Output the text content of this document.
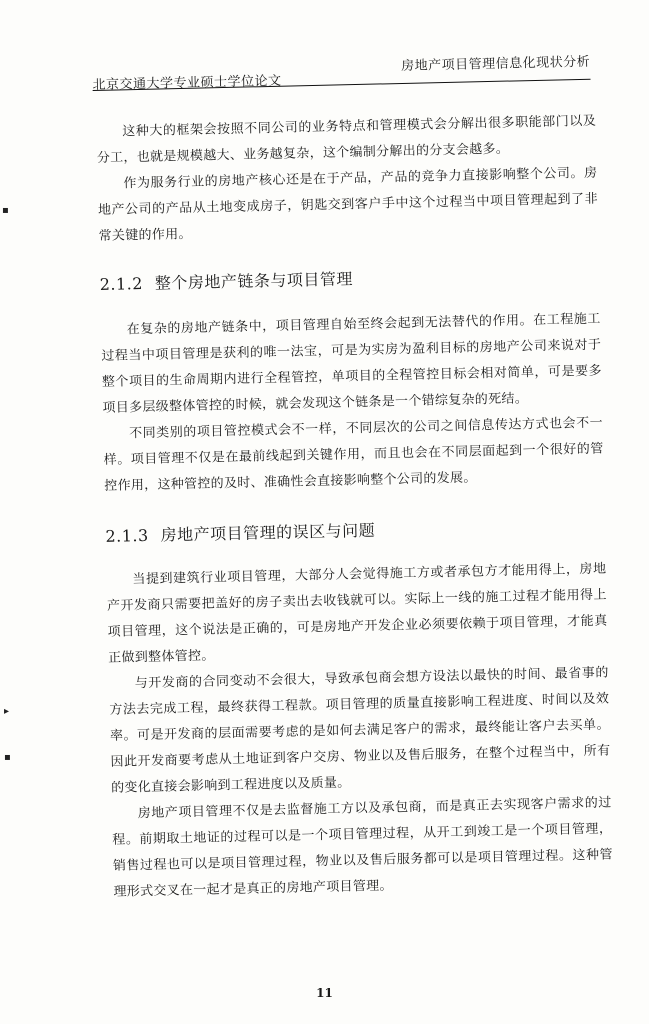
北京交通大学专业硕士学位论文
房地产项目管理信息化现状分析

这种大的框架会按照不同公司的业务特点和管理模式会分解出很多职能部门以及分工，也就是规模越大、业务越复杂，这个编制分解出的分支会越多。

作为服务行业的房地产核心还是在于产品，产品的竞争力直接影响整个公司。房地产公司的产品从土地变成房子，钥匙交到客户手中这个过程当中项目管理起到了非常关键的作用。

2.1.2 整个房地产链条与项目管理

在复杂的房地产链条中，项目管理自始至终会起到无法替代的作用。在工程施工过程当中项目管理是获利的唯一法宝，可是为实房为盈利目标的房地产公司来说对于整个项目的生命周期内进行全程管控，单项目的全程管控目标会相对简单，可是要多项目多层级整体管控的时候，就会发现这个链条是一个错综复杂的死结。

不同类别的项目管控模式会不一样，不同层次的公司之间信息传达方式也会不一样。项目管理不仅是在最前线起到关键作用，而且也会在不同层面起到一个很好的管控作用，这种管控的及时、准确性会直接影响整个公司的发展。

2.1.3 房地产项目管理的误区与问题

当提到建筑行业项目管理，大部分人会觉得施工方或者承包方才能用得上，房地产开发商只需要把盖好的房子卖出去收钱就可以。实际上一线的施工过程才能用得上项目管理，这个说法是正确的，可是房地产开发企业必须要依赖于项目管理，才能真正做到整体管控。

与开发商的合同变动不会很大，导致承包商会想方设法以最快的时间、最省事的方法去完成工程，最终获得工程款。项目管理的质量直接影响工程进度、时间以及效率。可是开发商的层面需要考虑的是如何去满足客户的需求，最终能让客户去买单。因此开发商要考虑从土地证到客户交房、物业以及售后服务，在整个过程当中，所有的变化直接会影响到工程进度以及质量。

房地产项目管理不仅是去监督施工方以及承包商，而是真正去实现客户需求的过程。前期取土地证的过程可以是一个项目管理过程，从开工到竣工是一个项目管理，销售过程也可以是项目管理过程，物业以及售后服务都可以是项目管理过程。这种管理形式交叉在一起才是真正的房地产项目管理。

11
▪
▸
▪
